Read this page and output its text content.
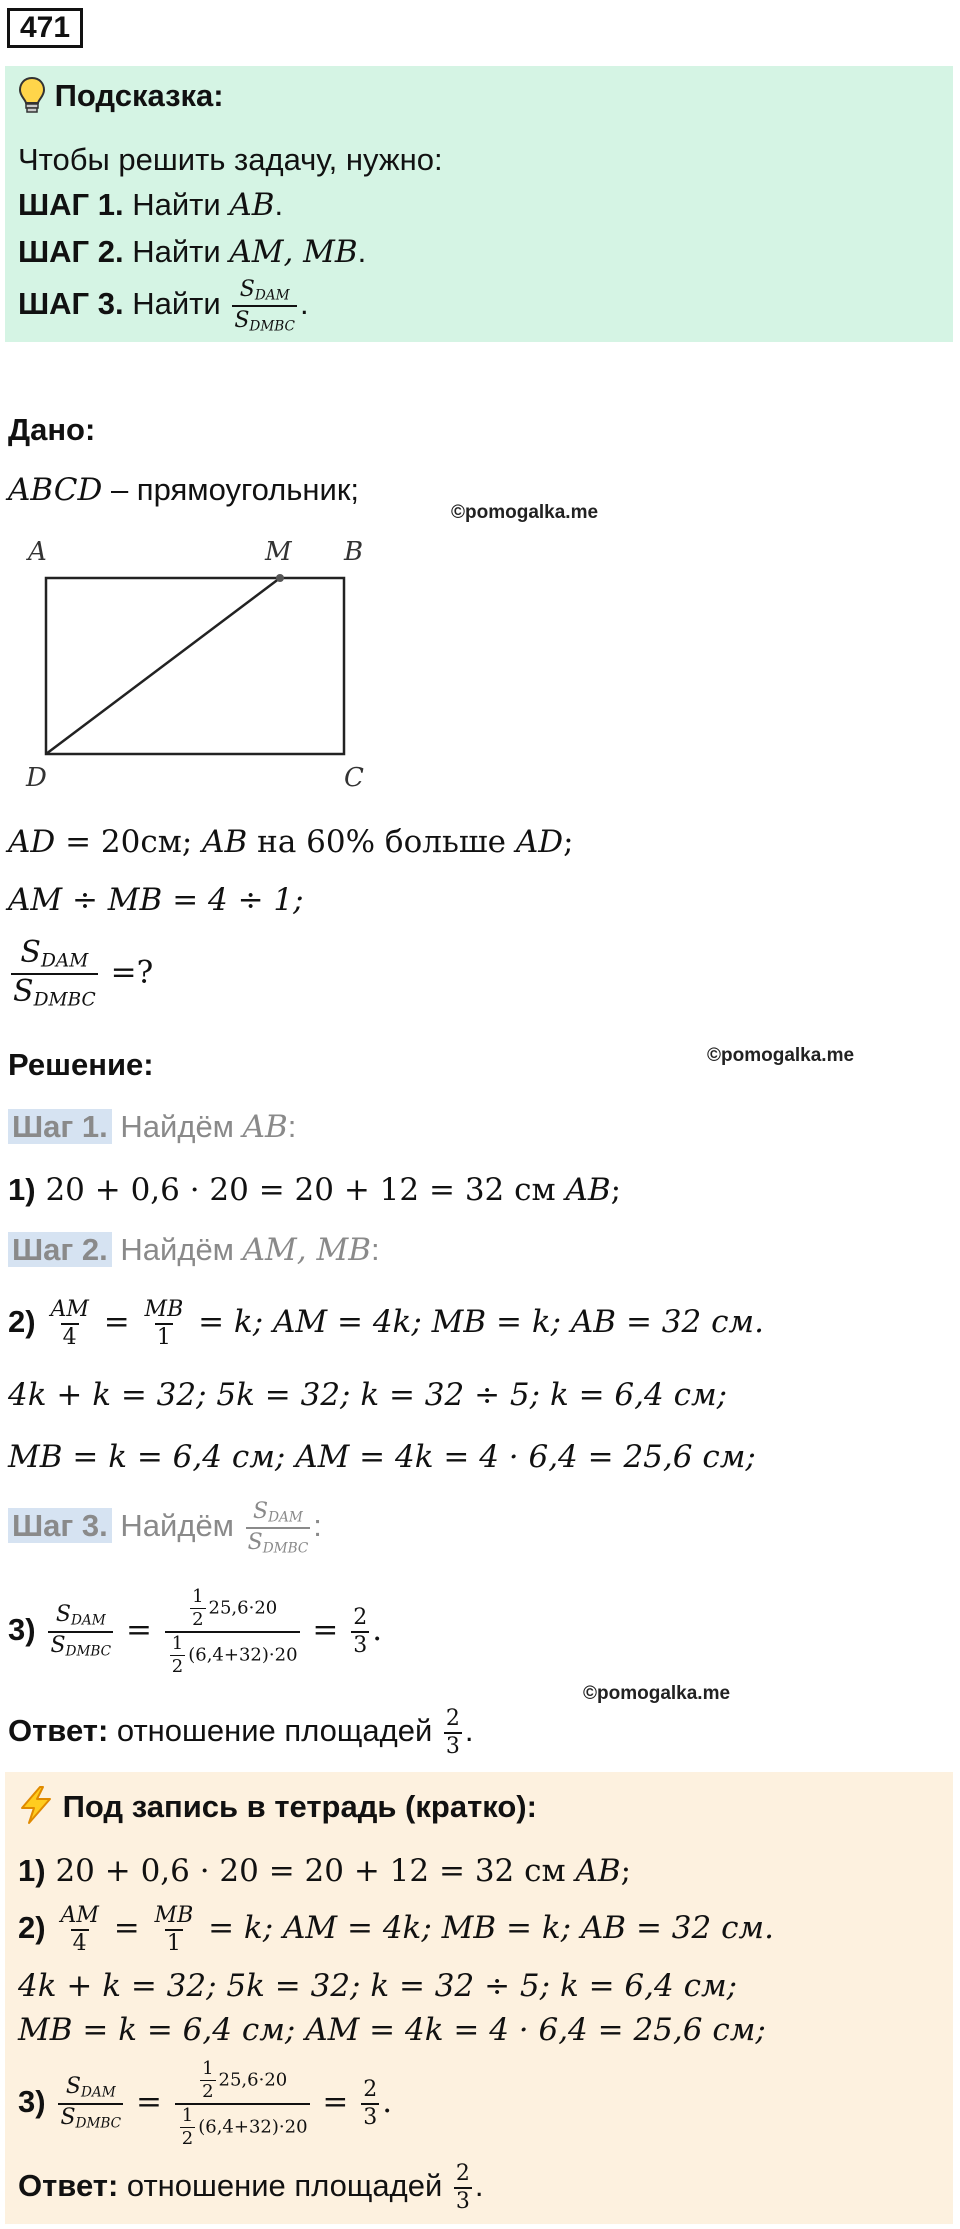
471
Подсказка:
Чтобы решить задачу, нужно:
ШАГ 1. Найти AB.
ШАГ 2. Найти AM, MB.
ШАГ 3. Найти $\frac{S_{DAM}}{S_{DMBC}}$ .
Дано:
ABCD – прямоугольник;
©pomogalka.me
A	M B
C
D
AD = 20см; AB на 60% больше AD;
AM ÷ MB = 4 ÷ 1;
$\frac{S_{DAM}}{S_{DMBC}}$ =?
Решение:	©pomogalka.me
Шаг 1. Найдём AB:
1) 20 + 0,6 · 20 = 20 + 12 = 32 см AB;
Шаг 2. Найдём AM, MB:
$2) \frac{AM}{4} = \frac{MB}{1} = k$; AM = 4k; MB = k; AB = 32 см.
4k + k = 32; 5k = 32; k = 32 ÷ 5; k = 6,4 см;
MB = k = 6,4 см; AM = 4k = 4 · 6,4 = 25,6 см;
Шаг 3. Найдём $\frac{S_{DAM}}{S_{DMBC}}$ :
$3) \frac{S_{DAM}}{S_{DMBC}} = \frac{\frac{1}{2} 25,6\cdot 20}{\frac{1}{2} (6,4+32)\cdot 20} = \frac{2}{3}$ .
©pomogalka.me
Ответ: отношение площадей $\frac{2}{3}$ .
Под запись в тетрадь (кратко):
1) 20 + 0,6 · 20 = 20 + 12 = 32 см AB;
$2) \frac{AM}{4} = \frac{MB}{1} = k$; AM = 4k; MB = k; AB = 32 см.
4k + k = 32; 5k = 32; k = 32 ÷ 5; k = 6,4 см;
MB = k = 6,4 см; AM = 4k = 4 · 6,4 = 25,6 см;
$3) \frac{S_{DAM}}{S_{DMBC}} = \frac{\frac{1}{2} 25,6\cdot 20}{\frac{1}{2} (6,4+32)\cdot 20} = \frac{2}{3}$ .
Ответ: отношение площадей $\frac{2}{3}$ .
